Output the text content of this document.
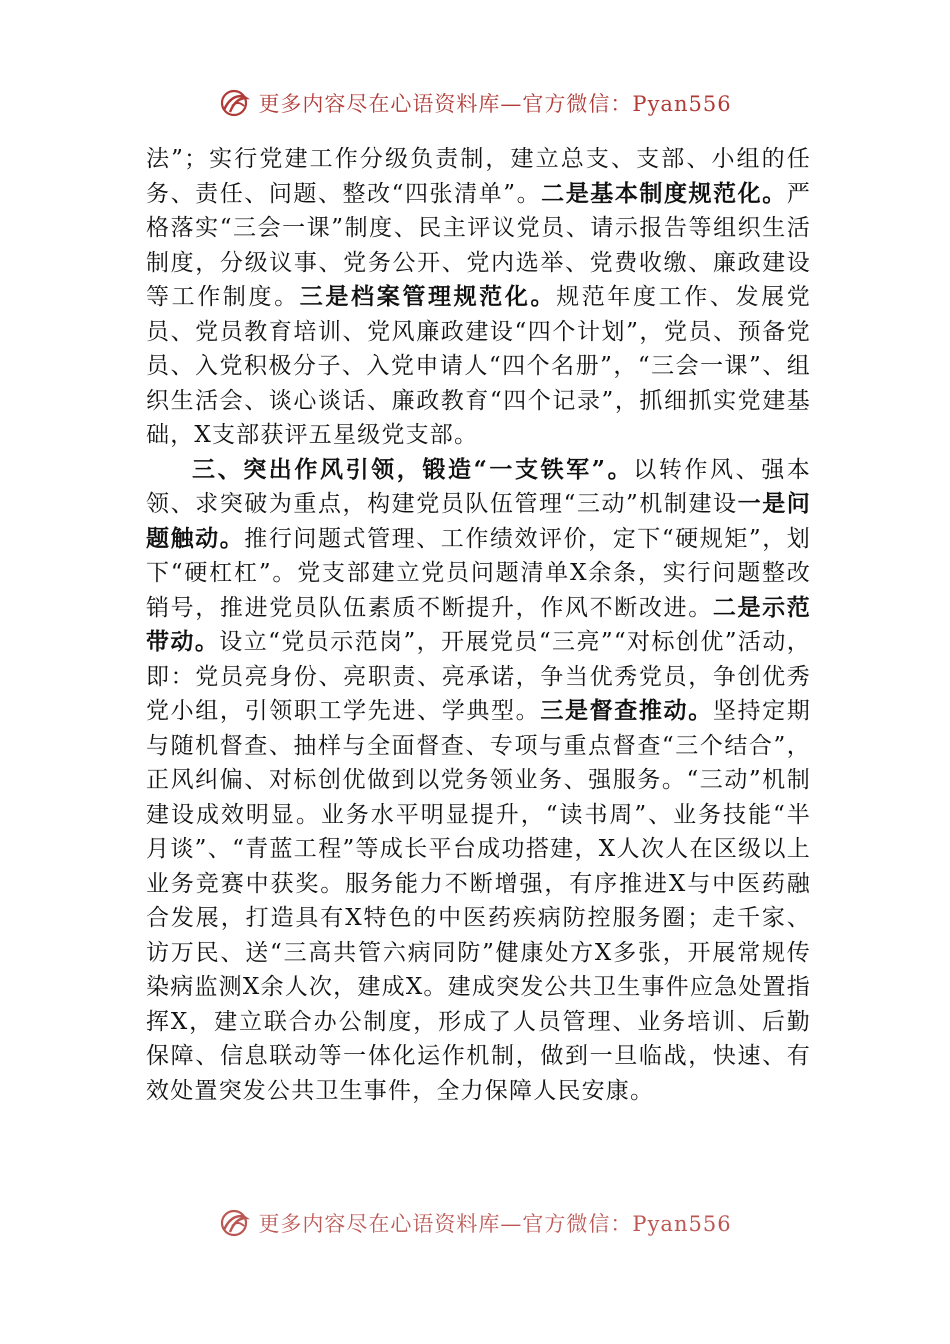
更多内容尽在心语资料库—官方微信：Pyan556

法”；实行党建工作分级负责制，建立总支、支部、小组的任务、责任、问题、整改“四张清单”。二是基本制度规范化。严格落实“三会一课”制度、民主评议党员、请示报告等组织生活制度，分级议事、党务公开、党内选举、党费收缴、廉政建设等工作制度。三是档案管理规范化。规范年度工作、发展党员、党员教育培训、党风廉政建设“四个计划”，党员、预备党员、入党积极分子、入党申请人“四个名册”，“三会一课”、组织生活会、谈心谈话、廉政教育“四个记录”，抓细抓实党建基础，X支部获评五星级党支部。

三、突出作风引领，锻造“一支铁军”。以转作风、强本领、求突破为重点，构建党员队伍管理“三动”机制建设一是问题触动。推行问题式管理、工作绩效评价，定下“硬规矩”，划下“硬杠杠”。党支部建立党员问题清单X余条，实行问题整改销号，推进党员队伍素质不断提升，作风不断改进。二是示范带动。设立“党员示范岗”，开展党员“三亮”“对标创优”活动，即：党员亮身份、亮职责、亮承诺，争当优秀党员，争创优秀党小组，引领职工学先进、学典型。三是督查推动。坚持定期与随机督查、抽样与全面督查、专项与重点督查“三个结合”，正风纠偏、对标创优做到以党务领业务、强服务。“三动”机制建设成效明显。业务水平明显提升，“读书周”、业务技能“半月谈”、“青蓝工程”等成长平台成功搭建，X人次人在区级以上业务竞赛中获奖。服务能力不断增强，有序推进X与中医药融合发展，打造具有X特色的中医药疾病防控服务圈；走千家、访万民、送“三高共管六病同防”健康处方X多张，开展常规传染病监测X余人次，建成X。建成突发公共卫生事件应急处置指挥X，建立联合办公制度，形成了人员管理、业务培训、后勤保障、信息联动等一体化运作机制，做到一旦临战，快速、有效处置突发公共卫生事件，全力保障人民安康。

更多内容尽在心语资料库—官方微信：Pyan556
